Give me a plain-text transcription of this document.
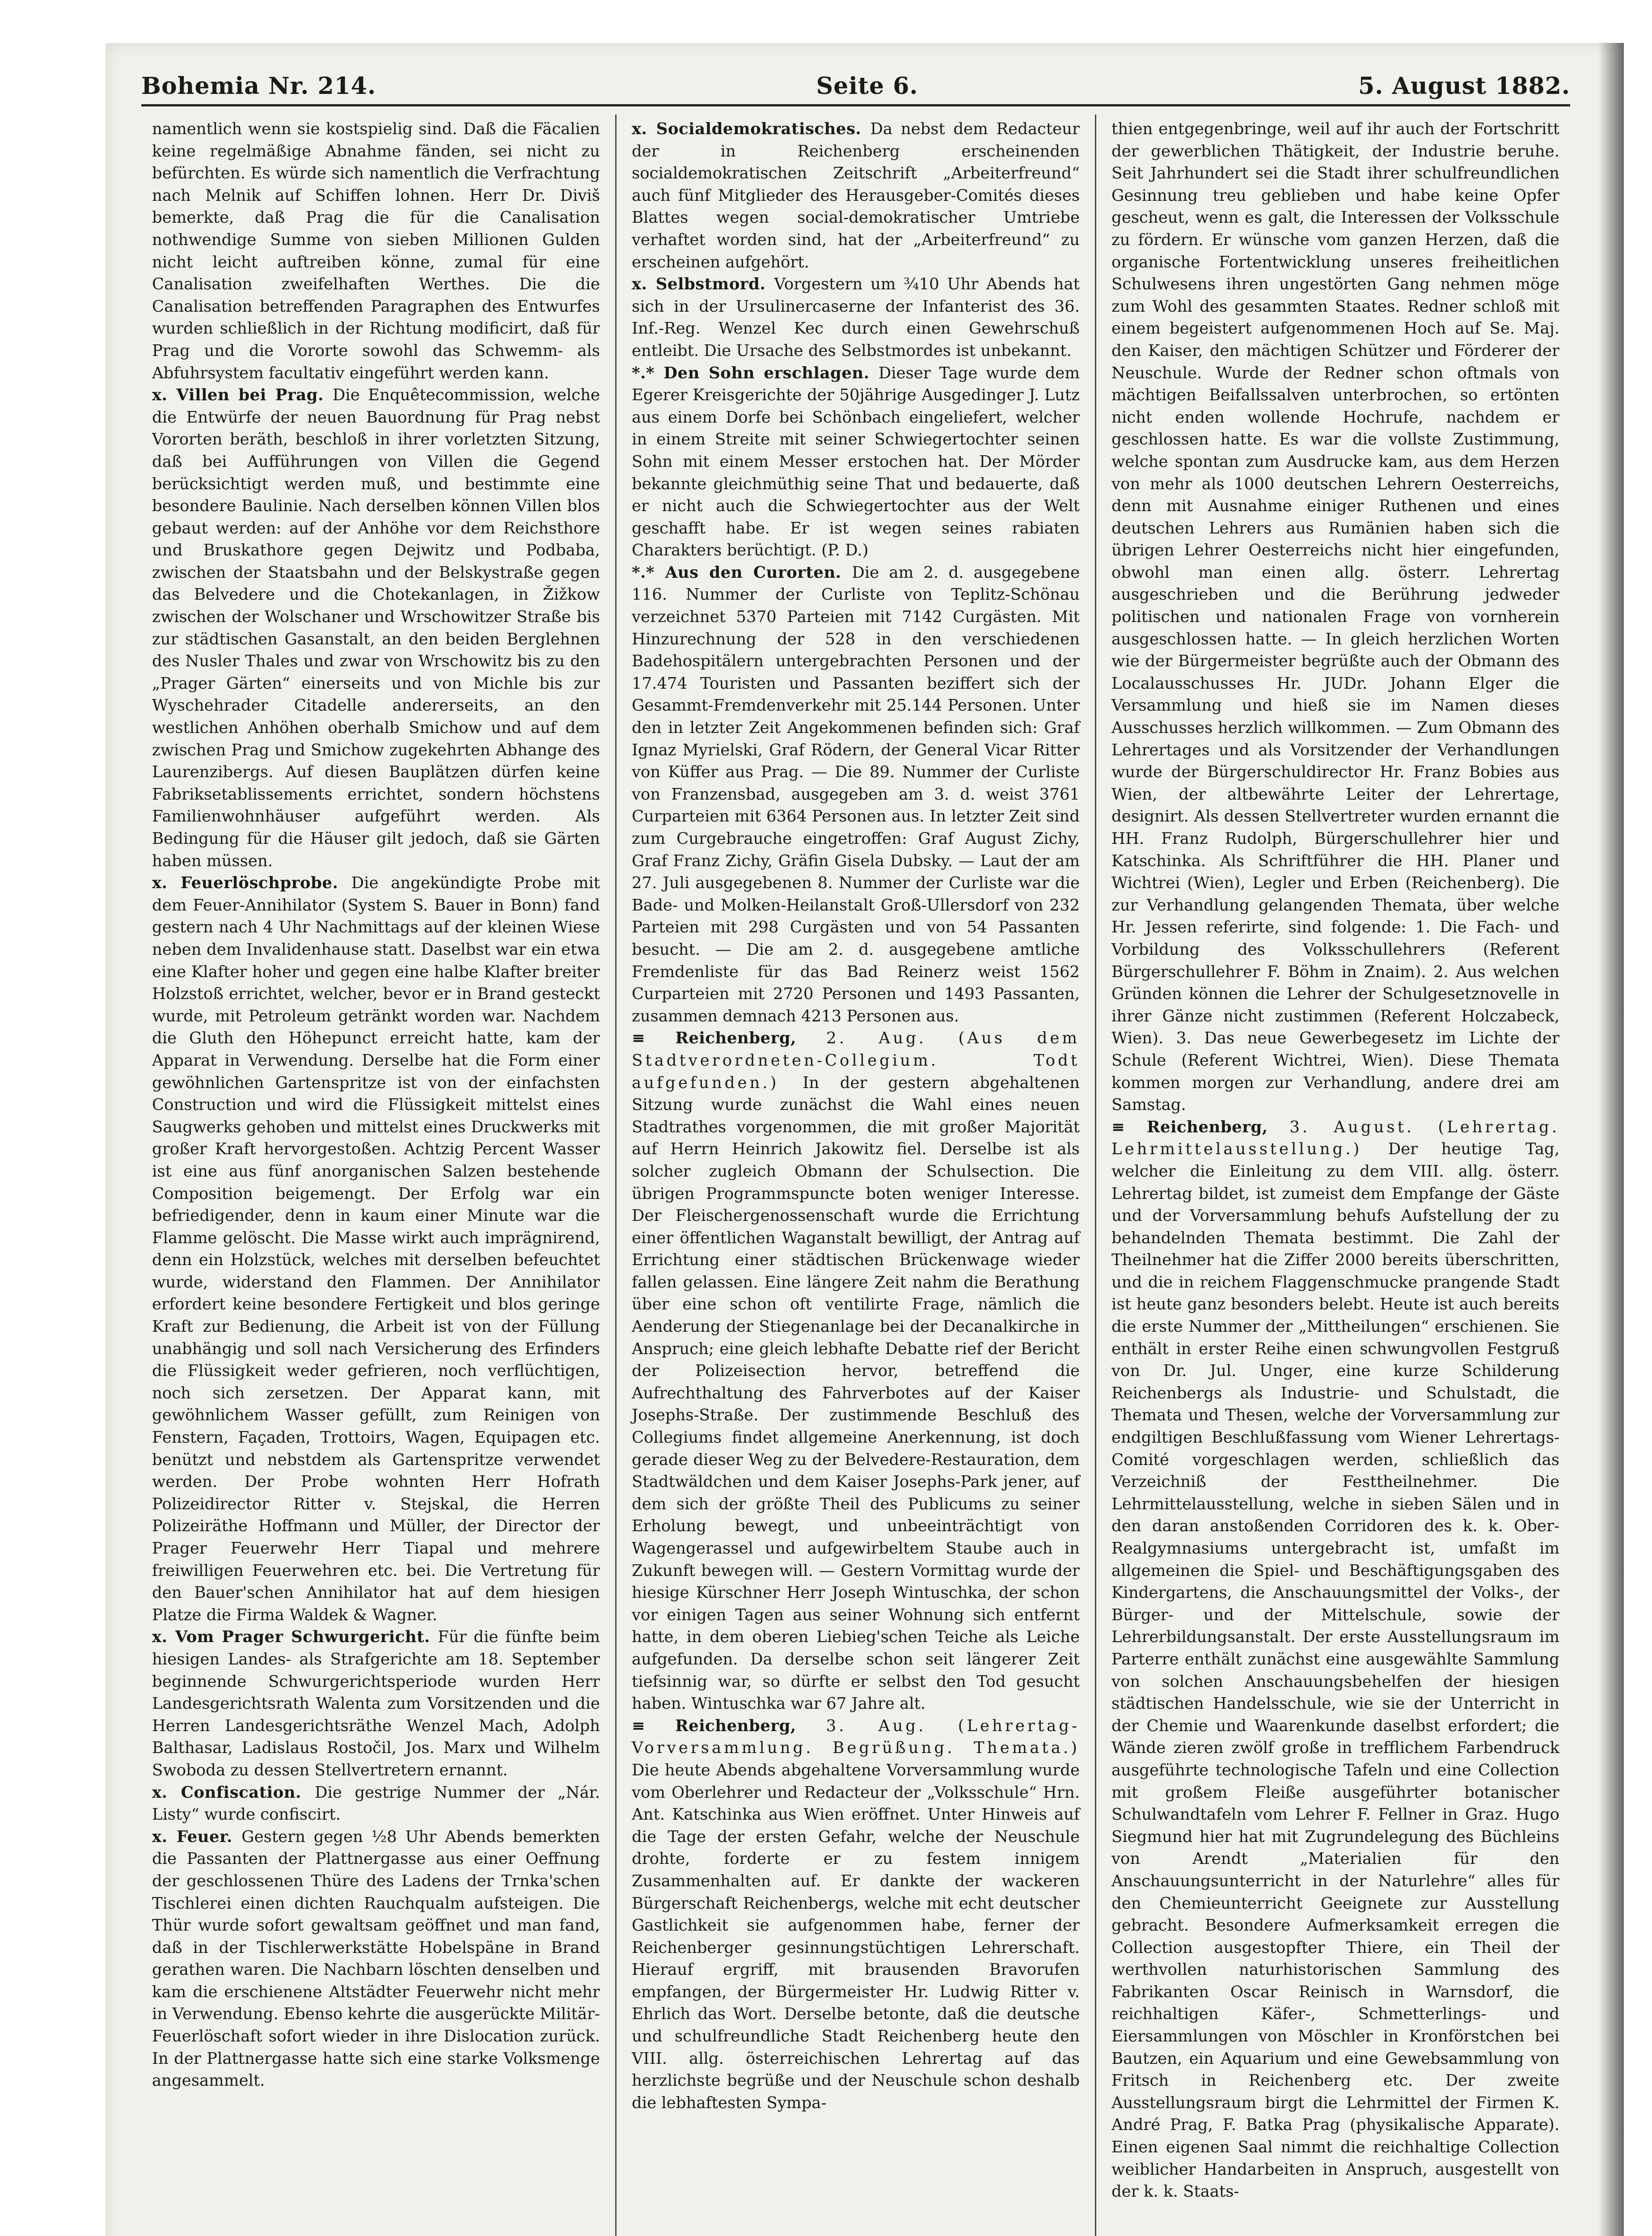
Bohemia Nr. 214.	Seite 6.	5. August 1882.

namentlich wenn sie kostspielig sind. Daß die Fäcalien keine regelmäßige Abnahme fänden, sei nicht zu befürchten. Es würde sich namentlich die Verfrachtung nach Melnik auf Schiffen lohnen. Herr Dr. Diviš bemerkte, daß Prag die für die Canalisation nothwendige Summe von sieben Millionen Gulden nicht leicht auftreiben könne, zumal für eine Canalisation zweifelhaften Werthes. Die die Canalisation betreffenden Paragraphen des Entwurfes wurden schließlich in der Richtung modificirt, daß für Prag und die Vororte sowohl das Schwemm- als Abfuhrsystem facultativ eingeführt werden kann.

x. Villen bei Prag. Die Enquêtecommission, welche die Entwürfe der neuen Bauordnung für Prag nebst Vororten beräth, beschloß in ihrer vorletzten Sitzung, daß bei Aufführungen von Villen die Gegend berücksichtigt werden muß, und bestimmte eine besondere Baulinie. Nach derselben können Villen blos gebaut werden: auf der Anhöhe vor dem Reichsthore und Bruskathore gegen Dejwitz und Podbaba, zwischen der Staatsbahn und der Belskystraße gegen das Belvedere und die Chotekanlagen, in Žižkow zwischen der Wolschaner und Wrschowitzer Straße bis zur städtischen Gasanstalt, an den beiden Berglehnen des Nusler Thales und zwar von Wrschowitz bis zu den „Prager Gärten“ einerseits und von Michle bis zur Wyschehrader Citadelle andererseits, an den westlichen Anhöhen oberhalb Smichow und auf dem zwischen Prag und Smichow zugekehrten Abhange des Laurenzibergs. Auf diesen Bauplätzen dürfen keine Fabriksetablissements errichtet, sondern höchstens Familienwohnhäuser aufgeführt werden. Als Bedingung für die Häuser gilt jedoch, daß sie Gärten haben müssen.

x. Feuerlöschprobe. Die angekündigte Probe mit dem Feuer-Annihilator (System S. Bauer in Bonn) fand gestern nach 4 Uhr Nachmittags auf der kleinen Wiese neben dem Invalidenhause statt. Daselbst war ein etwa eine Klafter hoher und gegen eine halbe Klafter breiter Holzstoß errichtet, welcher, bevor er in Brand gesteckt wurde, mit Petroleum getränkt worden war. Nachdem die Gluth den Höhepunct erreicht hatte, kam der Apparat in Verwendung. Derselbe hat die Form einer gewöhnlichen Gartenspritze ist von der einfachsten Construction und wird die Flüssigkeit mittelst eines Saugwerks gehoben und mittelst eines Druckwerks mit großer Kraft hervorgestoßen. Achtzig Percent Wasser ist eine aus fünf anorganischen Salzen bestehende Composition beigemengt. Der Erfolg war ein befriedigender, denn in kaum einer Minute war die Flamme gelöscht. Die Masse wirkt auch imprägnirend, denn ein Holzstück, welches mit derselben befeuchtet wurde, widerstand den Flammen. Der Annihilator erfordert keine besondere Fertigkeit und blos geringe Kraft zur Bedienung, die Arbeit ist von der Füllung unabhängig und soll nach Versicherung des Erfinders die Flüssigkeit weder gefrieren, noch verflüchtigen, noch sich zersetzen. Der Apparat kann, mit gewöhnlichem Wasser gefüllt, zum Reinigen von Fenstern, Façaden, Trottoirs, Wagen, Equipagen etc. benützt und nebstdem als Gartenspritze verwendet werden. Der Probe wohnten Herr Hofrath Polizeidirector Ritter v. Stejskal, die Herren Polizeiräthe Hoffmann und Müller, der Director der Prager Feuerwehr Herr Tiapal und mehrere freiwilligen Feuerwehren etc. bei. Die Vertretung für den Bauer'schen Annihilator hat auf dem hiesigen Platze die Firma Waldek & Wagner.

x. Vom Prager Schwurgericht. Für die fünfte beim hiesigen Landes- als Strafgerichte am 18. September beginnende Schwurgerichtsperiode wurden Herr Landesgerichtsrath Walenta zum Vorsitzenden und die Herren Landesgerichtsräthe Wenzel Mach, Adolph Balthasar, Ladislaus Rostočil, Jos. Marx und Wilhelm Swoboda zu dessen Stellvertretern ernannt.

x. Confiscation. Die gestrige Nummer der „Nár. Listy“ wurde confiscirt.

x. Feuer. Gestern gegen ½8 Uhr Abends bemerkten die Passanten der Plattnergasse aus einer Oeffnung der geschlossenen Thüre des Ladens der Trnka'schen Tischlerei einen dichten Rauchqualm aufsteigen. Die Thür wurde sofort gewaltsam geöffnet und man fand, daß in der Tischlerwerkstätte Hobelspäne in Brand gerathen waren. Die Nachbarn löschten denselben und kam die erschienene Altstädter Feuerwehr nicht mehr in Verwendung. Ebenso kehrte die ausgerückte Militär-Feuerlöschaft sofort wieder in ihre Dislocation zurück. In der Plattnergasse hatte sich eine starke Volksmenge angesammelt.

x. Socialdemokratisches. Da nebst dem Redacteur der in Reichenberg erscheinenden socialdemokratischen Zeitschrift „Arbeiterfreund“ auch fünf Mitglieder des Herausgeber-Comités dieses Blattes wegen social-demokratischer Umtriebe verhaftet worden sind, hat der „Arbeiterfreund“ zu erscheinen aufgehört.

x. Selbstmord. Vorgestern um ¾10 Uhr Abends hat sich in der Ursulinercaserne der Infanterist des 36. Inf.-Reg. Wenzel Kec durch einen Gewehrschuß entleibt. Die Ursache des Selbstmordes ist unbekannt.

*.* Den Sohn erschlagen. Dieser Tage wurde dem Egerer Kreisgerichte der 50jährige Ausgedinger J. Lutz aus einem Dorfe bei Schönbach eingeliefert, welcher in einem Streite mit seiner Schwiegertochter seinen Sohn mit einem Messer erstochen hat. Der Mörder bekannte gleichmüthig seine That und bedauerte, daß er nicht auch die Schwiegertochter aus der Welt geschafft habe. Er ist wegen seines rabiaten Charakters berüchtigt. (P. D.)

*.* Aus den Curorten. Die am 2. d. ausgegebene 116. Nummer der Curliste von Teplitz-Schönau verzeichnet 5370 Parteien mit 7142 Curgästen. Mit Hinzurechnung der 528 in den verschiedenen Badehospitälern untergebrachten Personen und der 17.474 Touristen und Passanten beziffert sich der Gesammt-Fremdenverkehr mit 25.144 Personen. Unter den in letzter Zeit Angekommenen befinden sich: Graf Ignaz Myrielski, Graf Rödern, der General Vicar Ritter von Küffer aus Prag. — Die 89. Nummer der Curliste von Franzensbad, ausgegeben am 3. d. weist 3761 Curparteien mit 6364 Personen aus. In letzter Zeit sind zum Curgebrauche eingetroffen: Graf August Zichy, Graf Franz Zichy, Gräfin Gisela Dubsky. — Laut der am 27. Juli ausgegebenen 8. Nummer der Curliste war die Bade- und Molken-Heilanstalt Groß-Ullersdorf von 232 Parteien mit 298 Curgästen und von 54 Passanten besucht. — Die am 2. d. ausgegebene amtliche Fremdenliste für das Bad Reinerz weist 1562 Curparteien mit 2720 Personen und 1493 Passanten, zusammen demnach 4213 Personen aus.

≡ Reichenberg, 2. Aug. (Aus dem Stadtverordneten-Collegium. Todt aufgefunden.) In der gestern abgehaltenen Sitzung wurde zunächst die Wahl eines neuen Stadtrathes vorgenommen, die mit großer Majorität auf Herrn Heinrich Jakowitz fiel. Derselbe ist als solcher zugleich Obmann der Schulsection. Die übrigen Programmspuncte boten weniger Interesse. Der Fleischergenossenschaft wurde die Errichtung einer öffentlichen Waganstalt bewilligt, der Antrag auf Errichtung einer städtischen Brückenwage wieder fallen gelassen. Eine längere Zeit nahm die Berathung über eine schon oft ventilirte Frage, nämlich die Aenderung der Stiegenanlage bei der Decanalkirche in Anspruch; eine gleich lebhafte Debatte rief der Bericht der Polizeisection hervor, betreffend die Aufrechthaltung des Fahrverbotes auf der Kaiser Josephs-Straße. Der zustimmende Beschluß des Collegiums findet allgemeine Anerkennung, ist doch gerade dieser Weg zu der Belvedere-Restauration, dem Stadtwäldchen und dem Kaiser Josephs-Park jener, auf dem sich der größte Theil des Publicums zu seiner Erholung bewegt, und unbeeinträchtigt von Wagengerassel und aufgewirbeltem Staube auch in Zukunft bewegen will. — Gestern Vormittag wurde der hiesige Kürschner Herr Joseph Wintuschka, der schon vor einigen Tagen aus seiner Wohnung sich entfernt hatte, in dem oberen Liebieg'schen Teiche als Leiche aufgefunden. Da derselbe schon seit längerer Zeit tiefsinnig war, so dürfte er selbst den Tod gesucht haben. Wintuschka war 67 Jahre alt.

≡ Reichenberg, 3. Aug. (Lehrertag-Vorversammlung. Begrüßung. Themata.) Die heute Abends abgehaltene Vorversammlung wurde vom Oberlehrer und Redacteur der „Volksschule“ Hrn. Ant. Katschinka aus Wien eröffnet. Unter Hinweis auf die Tage der ersten Gefahr, welche der Neuschule drohte, forderte er zu festem innigem Zusammenhalten auf. Er dankte der wackeren Bürgerschaft Reichenbergs, welche mit echt deutscher Gastlichkeit sie aufgenommen habe, ferner der Reichenberger gesinnungstüchtigen Lehrerschaft. Hierauf ergriff, mit brausenden Bravorufen empfangen, der Bürgermeister Hr. Ludwig Ritter v. Ehrlich das Wort. Derselbe betonte, daß die deutsche und schulfreundliche Stadt Reichenberg heute den VIII. allg. österreichischen Lehrertag auf das herzlichste begrüße und der Neuschule schon deshalb die lebhaftesten Sympa-

thien entgegenbringe, weil auf ihr auch der Fortschritt der gewerblichen Thätigkeit, der Industrie beruhe. Seit Jahrhundert sei die Stadt ihrer schulfreundlichen Gesinnung treu geblieben und habe keine Opfer gescheut, wenn es galt, die Interessen der Volksschule zu fördern. Er wünsche vom ganzen Herzen, daß die organische Fortentwicklung unseres freiheitlichen Schulwesens ihren ungestörten Gang nehmen möge zum Wohl des gesammten Staates. Redner schloß mit einem begeistert aufgenommenen Hoch auf Se. Maj. den Kaiser, den mächtigen Schützer und Förderer der Neuschule. Wurde der Redner schon oftmals von mächtigen Beifallssalven unterbrochen, so ertönten nicht enden wollende Hochrufe, nachdem er geschlossen hatte. Es war die vollste Zustimmung, welche spontan zum Ausdrucke kam, aus dem Herzen von mehr als 1000 deutschen Lehrern Oesterreichs, denn mit Ausnahme einiger Ruthenen und eines deutschen Lehrers aus Rumänien haben sich die übrigen Lehrer Oesterreichs nicht hier eingefunden, obwohl man einen allg. österr. Lehrertag ausgeschrieben und die Berührung jedweder politischen und nationalen Frage von vornherein ausgeschlossen hatte. — In gleich herzlichen Worten wie der Bürgermeister begrüßte auch der Obmann des Localausschusses Hr. JUDr. Johann Elger die Versammlung und hieß sie im Namen dieses Ausschusses herzlich willkommen. — Zum Obmann des Lehrertages und als Vorsitzender der Verhandlungen wurde der Bürgerschuldirector Hr. Franz Bobies aus Wien, der altbewährte Leiter der Lehrertage, designirt. Als dessen Stellvertreter wurden ernannt die HH. Franz Rudolph, Bürgerschullehrer hier und Katschinka. Als Schriftführer die HH. Planer und Wichtrei (Wien), Legler und Erben (Reichenberg). Die zur Verhandlung gelangenden Themata, über welche Hr. Jessen referirte, sind folgende: 1. Die Fach- und Vorbildung des Volksschullehrers (Referent Bürgerschullehrer F. Böhm in Znaim). 2. Aus welchen Gründen können die Lehrer der Schulgesetznovelle in ihrer Gänze nicht zustimmen (Referent Holczabeck, Wien). 3. Das neue Gewerbegesetz im Lichte der Schule (Referent Wichtrei, Wien). Diese Themata kommen morgen zur Verhandlung, andere drei am Samstag.

≡ Reichenberg, 3. August. (Lehrertag. Lehrmittelausstellung.) Der heutige Tag, welcher die Einleitung zu dem VIII. allg. österr. Lehrertag bildet, ist zumeist dem Empfange der Gäste und der Vorversammlung behufs Aufstellung der zu behandelnden Themata bestimmt. Die Zahl der Theilnehmer hat die Ziffer 2000 bereits überschritten, und die in reichem Flaggenschmucke prangende Stadt ist heute ganz besonders belebt. Heute ist auch bereits die erste Nummer der „Mittheilungen“ erschienen. Sie enthält in erster Reihe einen schwungvollen Festgruß von Dr. Jul. Unger, eine kurze Schilderung Reichenbergs als Industrie- und Schulstadt, die Themata und Thesen, welche der Vorversammlung zur endgiltigen Beschlußfassung vom Wiener Lehrertags-Comité vorgeschlagen werden, schließlich das Verzeichniß der Festtheilnehmer. Die Lehrmittelausstellung, welche in sieben Sälen und in den daran anstoßenden Corridoren des k. k. Ober-Realgymnasiums untergebracht ist, umfaßt im allgemeinen die Spiel- und Beschäftigungsgaben des Kindergartens, die Anschauungsmittel der Volks-, der Bürger- und der Mittelschule, sowie der Lehrerbildungsanstalt. Der erste Ausstellungsraum im Parterre enthält zunächst eine ausgewählte Sammlung von solchen Anschauungsbehelfen der hiesigen städtischen Handelsschule, wie sie der Unterricht in der Chemie und Waarenkunde daselbst erfordert; die Wände zieren zwölf große in trefflichem Farbendruck ausgeführte technologische Tafeln und eine Collection mit großem Fleiße ausgeführter botanischer Schulwandtafeln vom Lehrer F. Fellner in Graz. Hugo Siegmund hier hat mit Zugrundelegung des Büchleins von Arendt „Materialien für den Anschauungsunterricht in der Naturlehre“ alles für den Chemieunterricht Geeignete zur Ausstellung gebracht. Besondere Aufmerksamkeit erregen die Collection ausgestopfter Thiere, ein Theil der werthvollen naturhistorischen Sammlung des Fabrikanten Oscar Reinisch in Warnsdorf, die reichhaltigen Käfer-, Schmetterlings- und Eiersammlungen von Möschler in Kronförstchen bei Bautzen, ein Aquarium und eine Gewebsammlung von Fritsch in Reichenberg etc. Der zweite Ausstellungsraum birgt die Lehrmittel der Firmen K. André Prag, F. Batka Prag (physikalische Apparate). Einen eigenen Saal nimmt die reichhaltige Collection weiblicher Handarbeiten in Anspruch, ausgestellt von der k. k. Staats-
